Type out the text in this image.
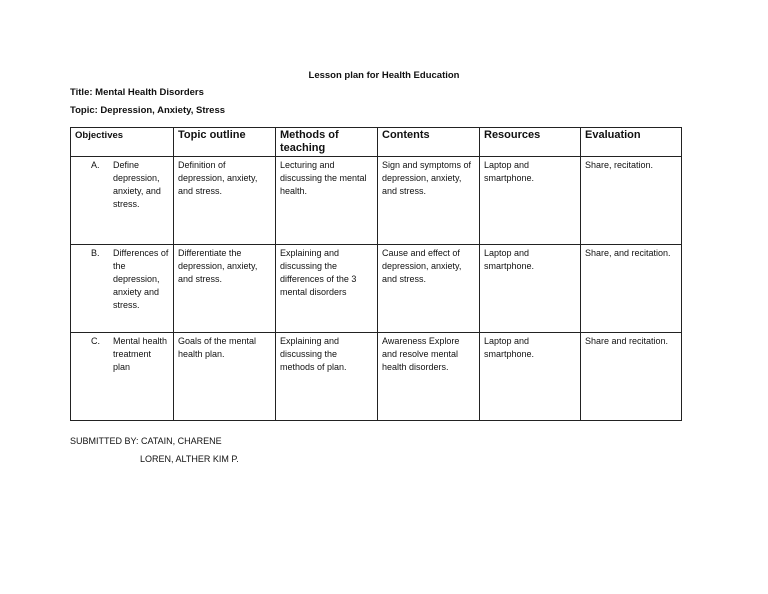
Lesson plan for Health Education
Title: Mental Health Disorders
Topic: Depression, Anxiety, Stress
Objectives	Topic outline	Methods of teaching	Contents	Resources	Evaluation

A. Define depression, anxiety, and stress.	Definition of depression, anxiety, and stress.	Lecturing and discussing the mental health.	Sign and symptoms of depression, anxiety, and stress.	Laptop and smartphone.	Share, recitation.

B. Differences of the depression, anxiety and stress.	Differentiate the depression, anxiety, and stress.	Explaining and discussing the differences of the 3 mental disorders	Cause and effect of depression, anxiety, and stress.	Laptop and smartphone.	Share, and recitation.

C. Mental health treatment plan	Goals of the mental health plan.	Explaining and discussing the methods of plan.	Awareness Explore and resolve mental health disorders.	Laptop and smartphone.	Share and recitation.
SUBMITTED BY: CATAIN, CHARENE
LOREN, ALTHER KIM P.
